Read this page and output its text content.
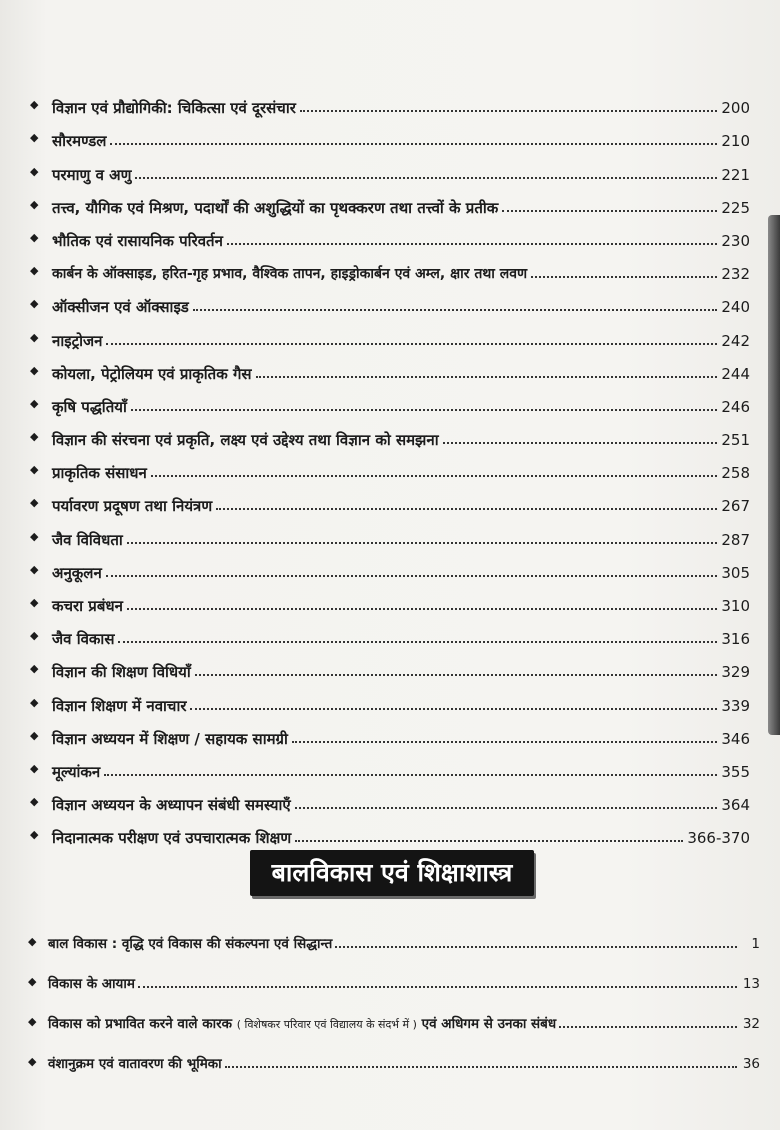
◆ विज्ञान एवं प्रौद्योगिकी: चिकित्सा एवं दूरसंचार	200
◆ सौरमण्डल	210
◆ परमाणु व अणु	221
◆ तत्त्व, यौगिक एवं मिश्रण, पदार्थों की अशुद्धियों का पृथक्करण तथा तत्त्वों के प्रतीक	225
◆ भौतिक एवं रासायनिक परिवर्तन	230
◆ कार्बन के ऑक्साइड, हरित-गृह प्रभाव, वैश्विक तापन, हाइड्रोकार्बन एवं अम्ल, क्षार तथा लवण	232
◆ ऑक्सीजन एवं ऑक्साइड	240
◆ नाइट्रोजन	242
◆ कोयला, पेट्रोलियम एवं प्राकृतिक गैस	244
◆ कृषि पद्धतियाँ	246
◆ विज्ञान की संरचना एवं प्रकृति, लक्ष्य एवं उद्देश्य तथा विज्ञान को समझना	251
◆ प्राकृतिक संसाधन	258
◆ पर्यावरण प्रदूषण तथा नियंत्रण	267
◆ जैव विविधता	287
◆ अनुकूलन	305
◆ कचरा प्रबंधन	310
◆ जैव विकास	316
◆ विज्ञान की शिक्षण विधियाँ	329
◆ विज्ञान शिक्षण में नवाचार	339
◆ विज्ञान अध्ययन में शिक्षण / सहायक सामग्री	346
◆ मूल्यांकन	355
◆ विज्ञान अध्ययन के अध्यापन संबंधी समस्याएँ	364
◆ निदानात्मक परीक्षण एवं उपचारात्मक शिक्षण	366-370
बालविकास एवं शिक्षाशास्त्र
◆ बाल विकास : वृद्धि एवं विकास की संकल्पना एवं सिद्धान्त	1
◆ विकास के आयाम	13
◆ विकास को प्रभावित करने वाले कारक ( विशेषकर परिवार एवं विद्यालय के संदर्भ में ) एवं अधिगम से उनका संबंध	32
◆ वंशानुक्रम एवं वातावरण की भूमिका	36
